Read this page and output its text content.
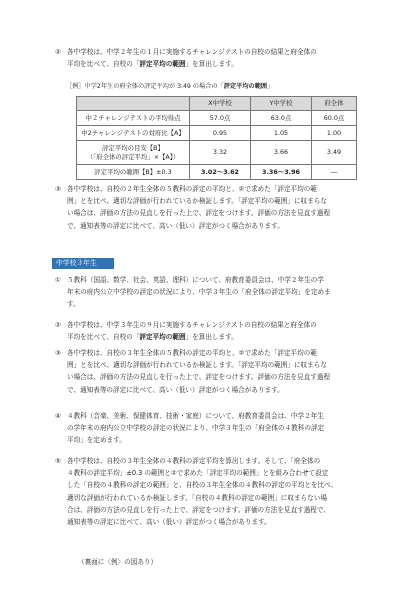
② 各中学校は、中学２年生の１月に実施するチャレンジテストの自校の結果と府全体の
平均を比べて、自校の「評定平均の範囲」を算出します。
［例］中学2年生の府全体の評定平均が 3.49 の場合の「評定平均の範囲」
	X中学校	Y中学校	府全体
中２チャレンジテストの平均得点	57.0点	63.0点	60.0点
中2チャレンジテストの対府比【A】	0.95	1.05	1.00
評定平均の目安【B】
（「府全体の評定平均」×【A】）	3.32	3.66	3.49
評定平均の範囲【B】±0.3	3.02～3.62	3.36～3.96	―
③ 各中学校は、自校の２年生全体の５教科の評定の平均と、②で求めた「評定平均の範
囲」とを比べ、適切な評価が行われているか検証します。「評定平均の範囲」に収まらな
い場合は、評価の方法の見直しを行った上で、評定をつけます。評価の方法を見直す過程
で、通知表等の評定に比べて、高い（低い）評定がつく場合があります。
中学校３年生
① ５教科（国語、数学、社会、英語、理科）について、府教育委員会は、中学２年生の学
年末の府内公立中学校の評定の状況により、中学３年生の「府全体の評定平均」を定めま
す。
② 各中学校は、中学３年生の９月に実施するチャレンジテストの自校の結果と府全体の
平均を比べて、自校の「評定平均の範囲」を算出します。
③ 各中学校は、自校の３年生全体の５教科の評定の平均と、②で求めた「評定平均の範
囲」とを比べ、適切な評価が行われているか検証します。「評定平均の範囲」に収まらな
い場合は、評価の方法の見直しを行った上で、評定をつけます。評価の方法を見直す過程
で、通知表等の評定に比べて、高い（低い）評定がつく場合があります。
④ ４教科（音楽、美術、保健体育、技術・家庭）について、府教育委員会は、中学２年生
の学年末の府内公立中学校の評定の状況により、中学３年生の「府全体の４教科の評定
平均」を定めます。
⑤ 各中学校は、自校の３年生全体の４教科の評定平均を算出します。そして、「府全体の
４教科の評定平均」±0.3 の範囲と②で求めた「評定平均の範囲」とを組み合わせて設定
した「自校の４教科の評定の範囲」と、自校の３年生全体の４教科の評定の平均とを比べ、
適切な評価が行われているか検証します。「自校の４教科の評定の範囲」に収まらない場
合は、評価の方法の見直しを行った上で、評定をつけます。評価の方法を見直す過程で、
通知表等の評定に比べて、高い（低い）評定がつく場合があります。
（裏面に〈例〉の図あり）
